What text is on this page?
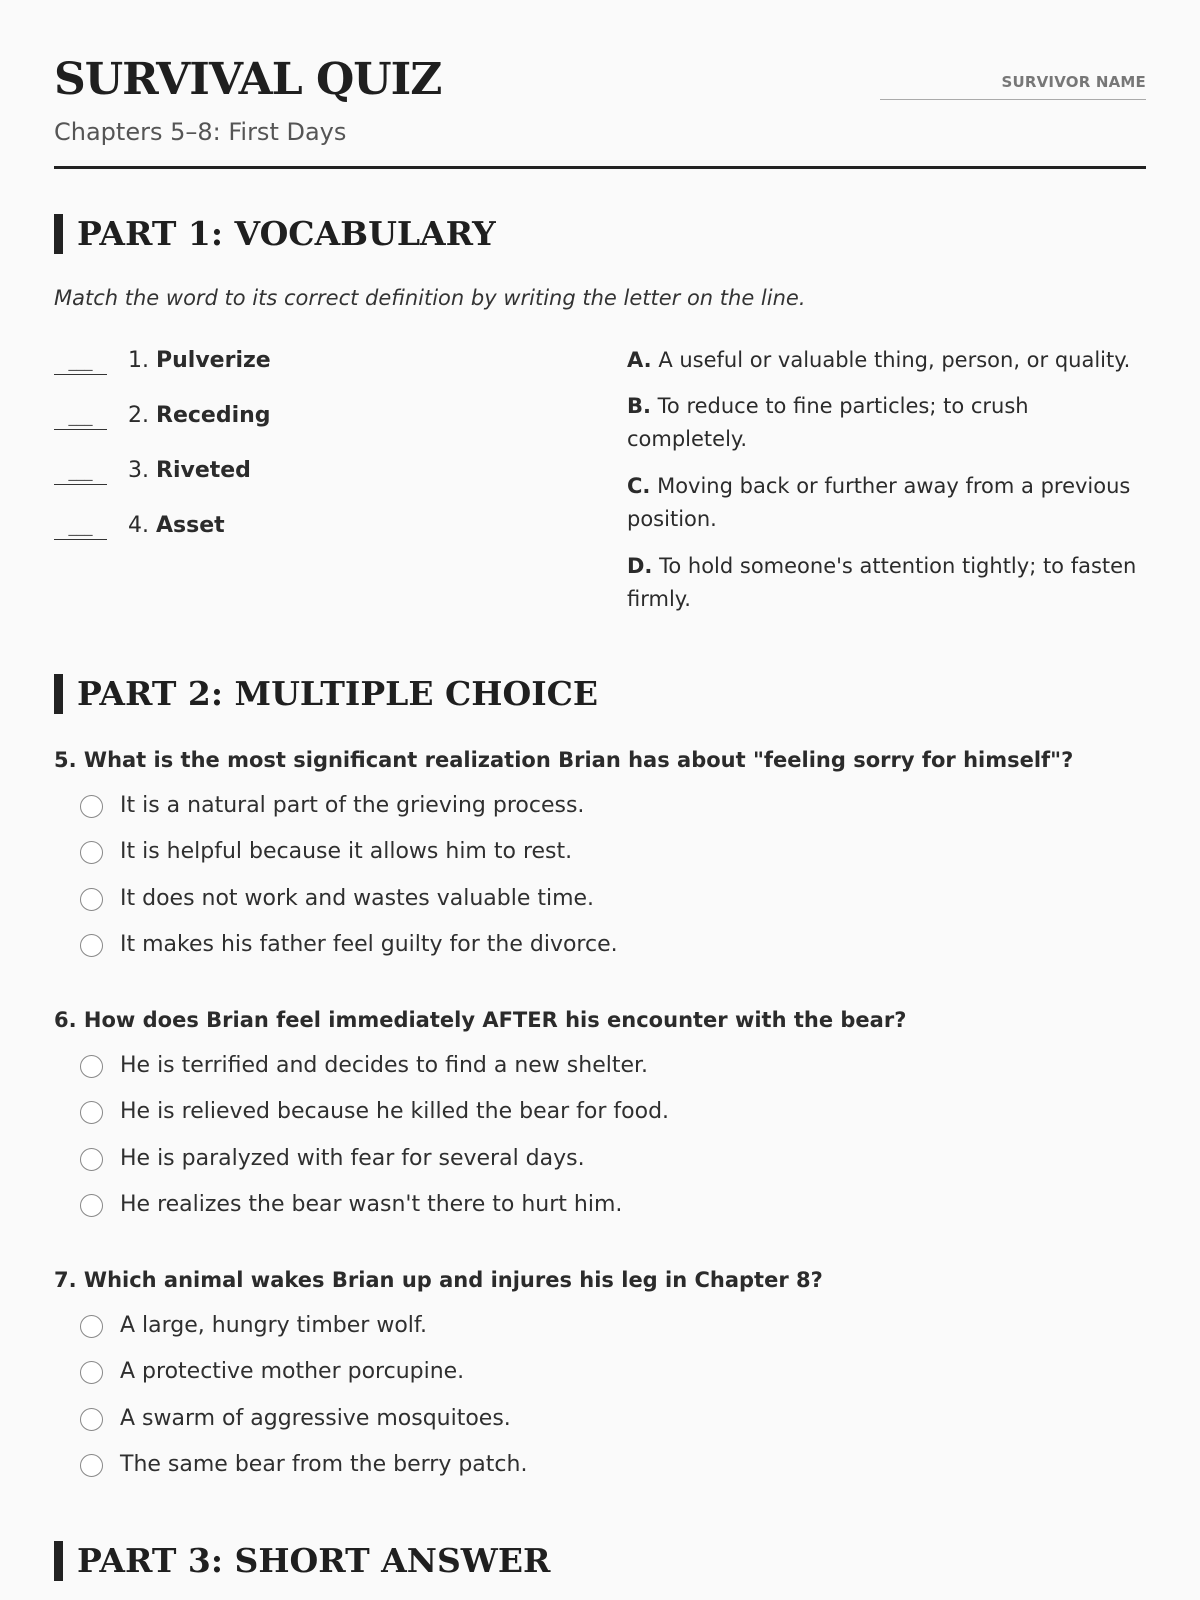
SURVIVAL QUIZ
Chapters 5–8: First Days
SURVIVOR NAME
PART 1: VOCABULARY

Match the word to its correct definition by writing the letter on the line.

___	1. Pulverize
___	2. Receding
___	3. Riveted
___	4. Asset

A. A useful or valuable thing, person, or quality.

B. To reduce to fine particles; to crush completely.

C. Moving back or further away from a previous position.

D. To hold someone's attention tightly; to fasten firmly.

PART 2: MULTIPLE CHOICE

5. What is the most significant realization Brian has about "feeling sorry for himself"?

It is a natural part of the grieving process.
It is helpful because it allows him to rest.
It does not work and wastes valuable time.
It makes his father feel guilty for the divorce.

6. How does Brian feel immediately AFTER his encounter with the bear?

He is terrified and decides to find a new shelter.
He is relieved because he killed the bear for food.
He is paralyzed with fear for several days.
He realizes the bear wasn't there to hurt him.

7. Which animal wakes Brian up and injures his leg in Chapter 8?

A large, hungry timber wolf.
A protective mother porcupine.
A swarm of aggressive mosquitoes.
The same bear from the berry patch.
PART 3: SHORT ANSWER
